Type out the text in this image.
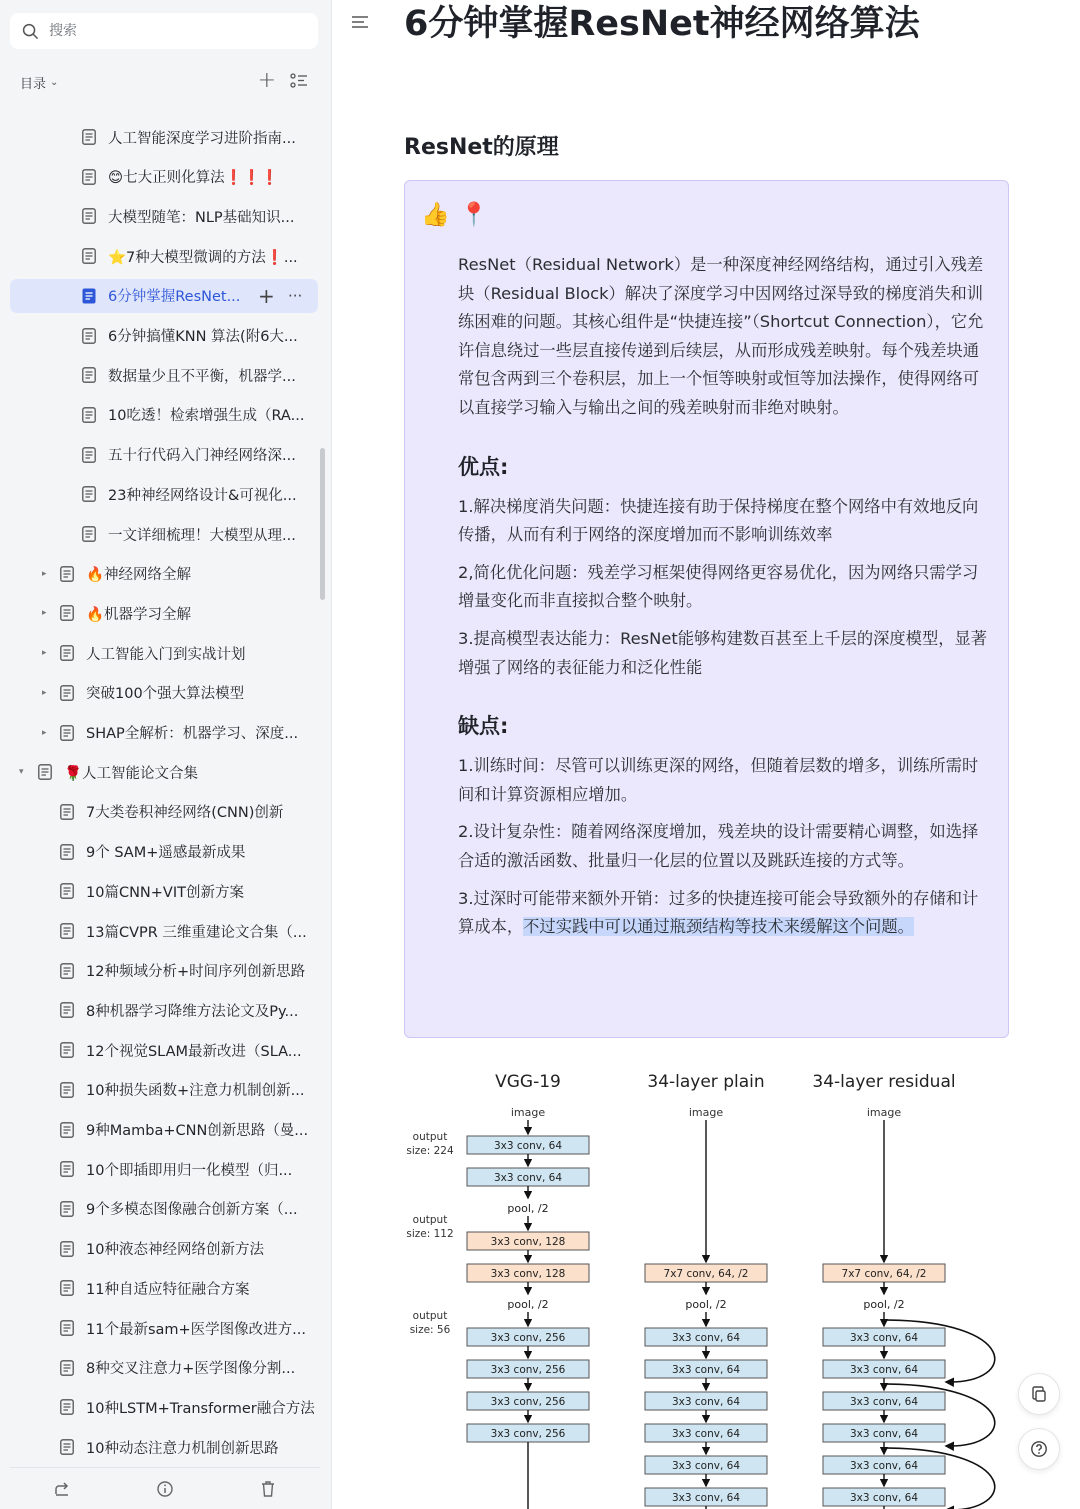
搜索
目录 ⌄	+
人工智能深度学习进阶指南...
😊七大正则化算法❗❗❗
大模型随笔：NLP基础知识...
⭐7种大模型微调的方法❗...
6分钟掌握ResNet... + ···
6分钟搞懂KNN 算法(附6大...
数据量少且不平衡，机器学...
10吃透！检索增强生成（RA...
五十行代码入门神经网络深...
23种神经网络设计&可视化...
一文详细梳理！大模型从理...
▸	🔥神经网络全解
▸	🔥机器学习全解
▸	人工智能入门到实战计划
▸	突破100个强大算法模型
▸	SHAP全解析：机器学习、深度...
▾	🌹人工智能论文合集
7大类卷积神经网络(CNN)创新
9个 SAM+遥感最新成果
10篇CNN+VIT创新方案
13篇CVPR 三维重建论文合集（...
12种频域分析+时间序列创新思路
8种机器学习降维方法论文及Py...
12个视觉SLAM最新改进（SLA...
10种损失函数+注意力机制创新...
9种Mamba+CNN创新思路（曼...
10个即插即用归一化模型（归...
9个多模态图像融合创新方案（...
10种液态神经网络创新方法
11种自适应特征融合方案
11个最新sam+医学图像改进方...
8种交叉注意力+医学图像分割...
10种LSTM+Transformer融合方法
10种动态注意力机制创新思路
6分钟掌握ResNet神经网络算法
ResNet的原理
👍📍

ResNet（Residual Network）是一种深度神经网络结构，通过引入残差块（Residual Block）解决了深度学习中因网络过深导致的梯度消失和训练困难的问题。其核心组件是“快捷连接”（Shortcut Connection），它允许信息绕过一些层直接传递到后续层，从而形成残差映射。每个残差块通常包含两到三个卷积层，加上一个恒等映射或恒等加法操作，使得网络可以直接学习输入与输出之间的残差映射而非绝对映射。

优点:

1.解决梯度消失问题：快捷连接有助于保持梯度在整个网络中有效地反向传播，从而有利于网络的深度增加而不影响训练效率

2,简化优化问题：残差学习框架使得网络更容易优化，因为网络只需学习增量变化而非直接拟合整个映射。

3.提高模型表达能力：ResNet能够构建数百甚至上千层的深度模型，显著增强了网络的表征能力和泛化性能

缺点:

1.训练时间：尽管可以训练更深的网络，但随着层数的增多，训练所需时间和计算资源相应增加。

2.设计复杂性：随着网络深度增加，残差块的设计需要精心调整，如选择合适的激活函数、批量归一化层的位置以及跳跃连接的方式等。

3.过深时可能带来额外开销：过多的快捷连接可能会导致额外的存储和计算成本，不过实践中可以通过瓶颈结构等技术来缓解这个问题。

VGG-19	34-layer plain	34-layer residual
image	image	image
output
size: 224
output
size: 112
output
size: 56
3x3 conv, 64
3x3 conv, 64
pool, /2
3x3 conv, 128
3x3 conv, 128
pool, /2
3x3 conv, 256
3x3 conv, 256
3x3 conv, 256
3x3 conv, 256
7x7 conv, 64, /2
pool, /2
3x3 conv, 64
3x3 conv, 64
3x3 conv, 64
3x3 conv, 64
3x3 conv, 64
3x3 conv, 64
7x7 conv, 64, /2
pool, /2
3x3 conv, 64
3x3 conv, 64
3x3 conv, 64
3x3 conv, 64
3x3 conv, 64
3x3 conv, 64
